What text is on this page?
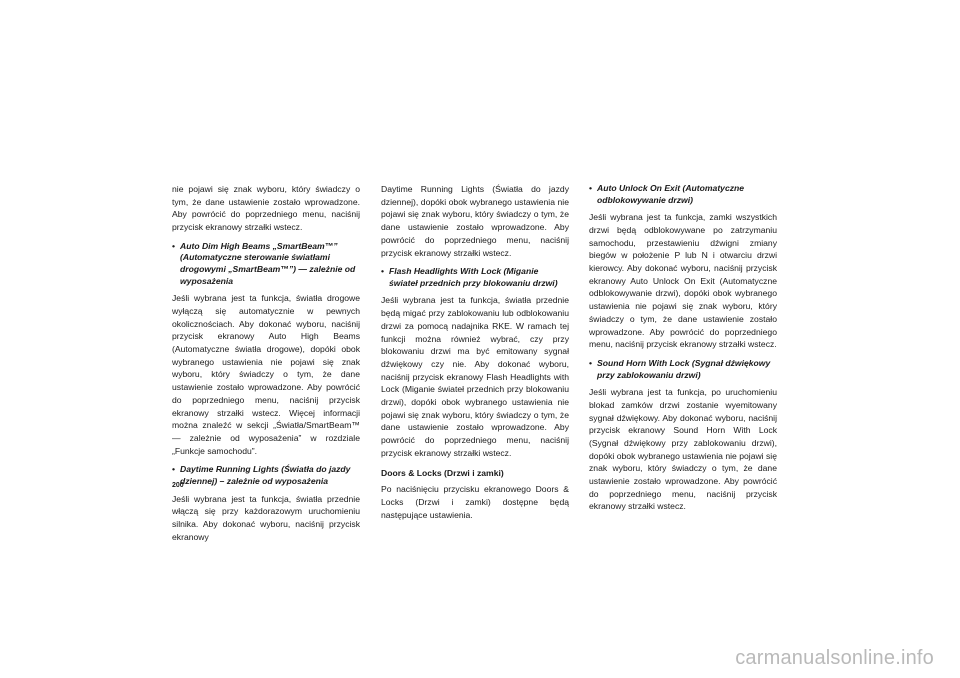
nie pojawi się znak wyboru, który świadczy o tym, że dane ustawienie zostało wprowadzone. Aby powrócić do poprzedniego menu, naciśnij przycisk ekranowy strzałki wstecz.

• Auto Dim High Beams „SmartBeam™” (Automatyczne sterowanie światłami drogowymi „SmartBeam™”) — zależnie od wyposażenia

Jeśli wybrana jest ta funkcja, światła drogowe wyłączą się automatycznie w pewnych okolicznościach. Aby dokonać wyboru, naciśnij przycisk ekranowy Auto High Beams (Automatyczne światła drogowe), dopóki obok wybranego ustawienia nie pojawi się znak wyboru, który świadczy o tym, że dane ustawienie zostało wprowadzone. Aby powrócić do poprzedniego menu, naciśnij przycisk ekranowy strzałki wstecz. Więcej informacji można znaleźć w sekcji „Światła/SmartBeam™ — zależnie od wyposażenia” w rozdziale „Funkcje samochodu”.

• Daytime Running Lights (Światła do jazdy dziennej) – zależnie od wyposażenia

Jeśli wybrana jest ta funkcja, światła przednie włączą się przy każdorazowym uruchomieniu silnika. Aby dokonać wyboru, naciśnij przycisk ekranowy

Daytime Running Lights (Światła do jazdy dziennej), dopóki obok wybranego ustawienia nie pojawi się znak wyboru, który świadczy o tym, że dane ustawienie zostało wprowadzone. Aby powrócić do poprzedniego menu, naciśnij przycisk ekranowy strzałki wstecz.

• Flash Headlights With Lock (Miganie świateł przednich przy blokowaniu drzwi)

Jeśli wybrana jest ta funkcja, światła przednie będą migać przy zablokowaniu lub odblokowaniu drzwi za pomocą nadajnika RKE. W ramach tej funkcji można również wybrać, czy przy blokowaniu drzwi ma być emitowany sygnał dźwiękowy czy nie. Aby dokonać wyboru, naciśnij przycisk ekranowy Flash Headlights with Lock (Miganie świateł przednich przy blokowaniu drzwi), dopóki obok wybranego ustawienia nie pojawi się znak wyboru, który świadczy o tym, że dane ustawienie zostało wprowadzone. Aby powrócić do poprzedniego menu, naciśnij przycisk ekranowy strzałki wstecz.

Doors & Locks (Drzwi i zamki)

Po naciśnięciu przycisku ekranowego Doors & Locks (Drzwi i zamki) dostępne będą następujące ustawienia.

• Auto Unlock On Exit (Automatyczne odblokowywanie drzwi)

Jeśli wybrana jest ta funkcja, zamki wszystkich drzwi będą odblokowywane po zatrzymaniu samochodu, przestawieniu dźwigni zmiany biegów w położenie P lub N i otwarciu drzwi kierowcy. Aby dokonać wyboru, naciśnij przycisk ekranowy Auto Unlock On Exit (Automatyczne odblokowywanie drzwi), dopóki obok wybranego ustawienia nie pojawi się znak wyboru, który świadczy o tym, że dane ustawienie zostało wprowadzone. Aby powrócić do poprzedniego menu, naciśnij przycisk ekranowy strzałki wstecz.

• Sound Horn With Lock (Sygnał dźwiękowy przy zablokowaniu drzwi)

Jeśli wybrana jest ta funkcja, po uruchomieniu blokad zamków drzwi zostanie wyemitowany sygnał dźwiękowy. Aby dokonać wyboru, naciśnij przycisk ekranowy Sound Horn With Lock (Sygnał dźwiękowy przy zablokowaniu drzwi), dopóki obok wybranego ustawienia nie pojawi się znak wyboru, który świadczy o tym, że dane ustawienie zostało wprowadzone. Aby powrócić do poprzedniego menu, naciśnij przycisk ekranowy strzałki wstecz.

200
carmanualsonline.info
